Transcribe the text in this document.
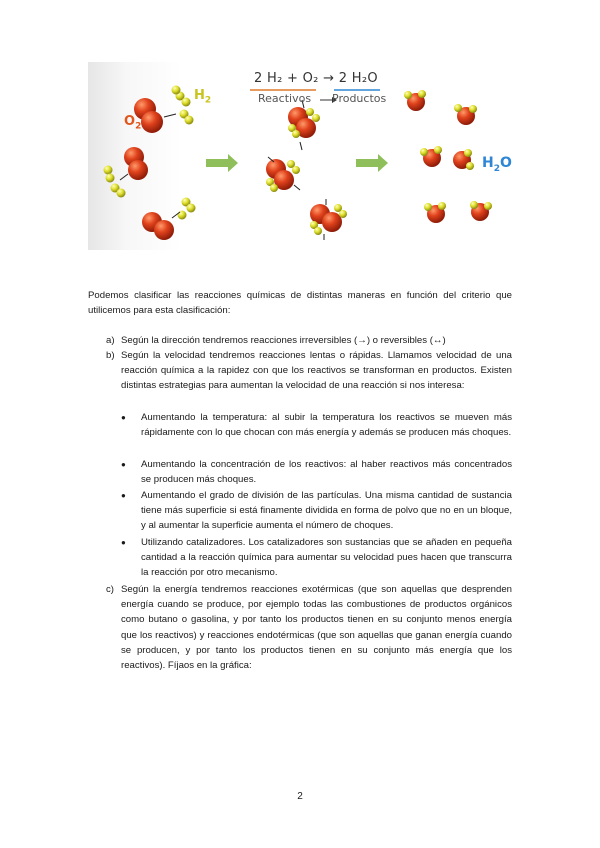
2 H₂ + O₂ → 2 H₂O
Reactivos Productos
$H_2$
$O_2$
$H_2O$

Podemos clasificar las reacciones químicas de distintas maneras en función del criterio que utilicemos para esta clasificación:

a) Según la dirección tendremos reacciones irreversibles (→) o reversibles (↔)
b) Según la velocidad tendremos reacciones lentas o rápidas. Llamamos velocidad de una reacción química a la rapidez con que los reactivos se transforman en productos. Existen distintas estrategias para aumentan la velocidad de una reacción si nos interesa:
● Aumentando la temperatura: al subir la temperatura los reactivos se mueven más rápidamente con lo que chocan con más energía y además se producen más choques.
● Aumentando la concentración de los reactivos: al haber reactivos más concentrados se producen más choques.
● Aumentando el grado de división de las partículas. Una misma cantidad de sustancia tiene más superficie si está finamente dividida en forma de polvo que no en un bloque, y al aumentar la superficie aumenta el número de choques.
● Utilizando catalizadores. Los catalizadores son sustancias que se añaden en pequeña cantidad a la reacción química para aumentar su velocidad pues hacen que transcurra la reacción por otro mecanismo.
c) Según la energía tendremos reacciones exotérmicas (que son aquellas que desprenden energía cuando se produce, por ejemplo todas las combustiones de productos orgánicos como butano o gasolina, y por tanto los productos tienen en su conjunto menos energía que los reactivos) y reacciones endotérmicas (que son aquellas que ganan energía cuando se producen, y por tanto los productos tienen en su conjunto más energía que los reactivos). Fíjaos en la gráfica:
2
